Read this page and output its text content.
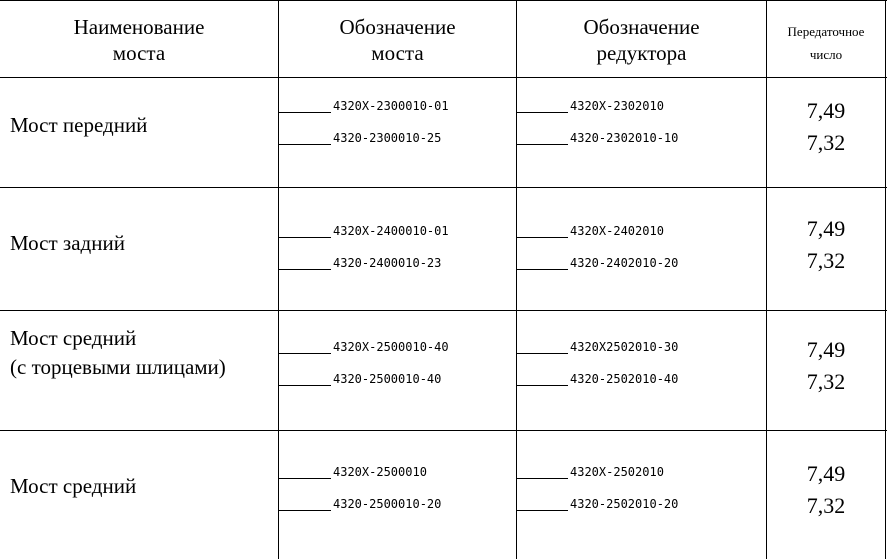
Наименование
моста
Обозначение
моста
Обозначение
редуктора
Передаточное
число
Мост передний
4320Х-2300010-01
4320-2300010-25
4320Х-2302010
4320-2302010-10
7,49
7,32
Мост задний	4320Х-2400010-01
4320-2400010-23
4320Х-2402010
4320-2402010-20
7,49
7,32
Мост средний
(с торцевыми шлицами)
4320Х-2500010-40
4320-2500010-40
4320Х2502010-30
4320-2502010-40
7,49
7,32
Мост средний
4320Х-2500010
4320-2500010-20
4320Х-2502010
4320-2502010-20
7,49
7,32
